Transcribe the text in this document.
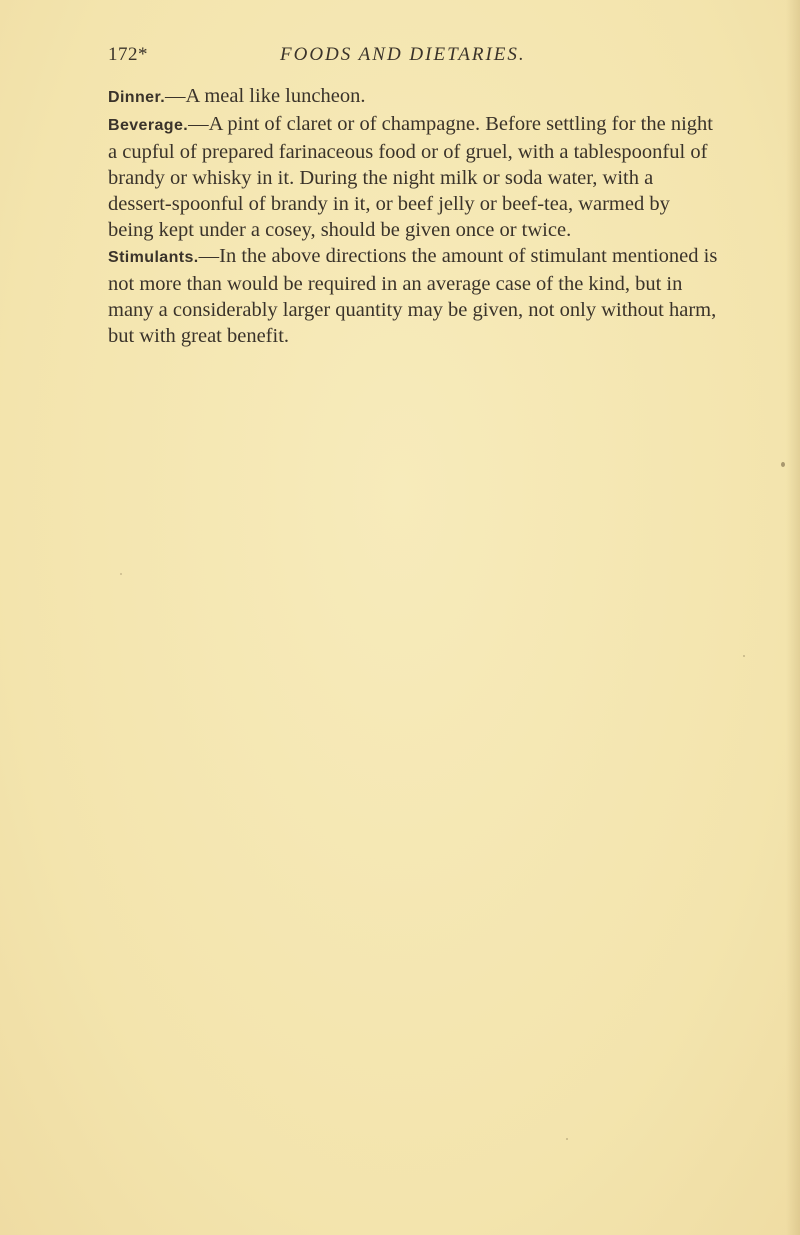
172*	FOODS AND DIETARIES.

Dinner.—A meal like luncheon.

Beverage.—A pint of claret or of champagne. Before settling for the night a cupful of prepared farinaceous food or of gruel, with a tablespoonful of brandy or whisky in it. During the night milk or soda water, with a dessert-spoonful of brandy in it, or beef jelly or beef-tea, warmed by being kept under a cosey, should be given once or twice.

Stimulants.—In the above directions the amount of stimulant mentioned is not more than would be required in an average case of the kind, but in many a considerably larger quantity may be given, not only without harm, but with great benefit.
